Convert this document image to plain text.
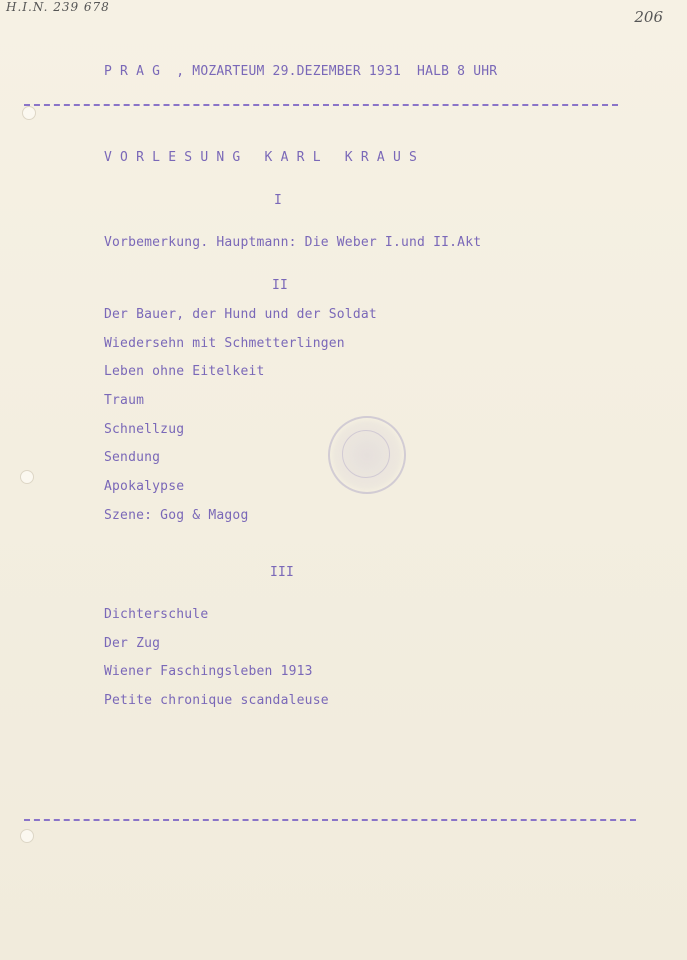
H.I.N. 239 678
206
P R A G  , MOZARTEUM 29.DEZEMBER 1931  HALB 8 UHR
V O R L E S U N G   K A R L   K R A U S
I
Vorbemerkung. Hauptmann: Die Weber I.und II.Akt
II
Der Bauer, der Hund und der Soldat
Wiedersehn mit Schmetterlingen
Leben ohne Eitelkeit
Traum
Schnellzug
Sendung
Apokalypse
Szene: Gog & Magog
III
Dichterschule
Der Zug
Wiener Faschingsleben 1913
Petite chronique scandaleuse
